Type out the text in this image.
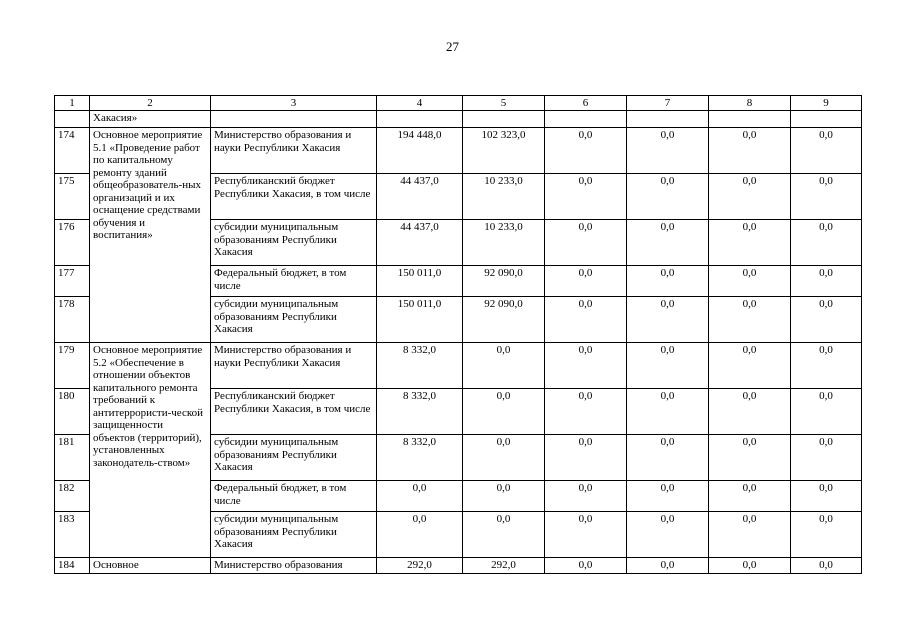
27
1	2	3	4	5	6	7	8	9
	Хакасия»							
174	Основное мероприятие 5.1 «Проведение работ по капитальному ремонту зданий общеобразователь-ных организаций и их оснащение средствами обучения и воспитания»	Министерство образования и науки Республики Хакасия	194 448,0	102 323,0	0,0	0,0	0,0	0,0
175		Республиканский бюджет Республики Хакасия, в том числе	44 437,0	10 233,0	0,0	0,0	0,0	0,0
176		субсидии муниципальным образованиям Республики Хакасия	44 437,0	10 233,0	0,0	0,0	0,0	0,0
177		Федеральный бюджет, в том числе	150 011,0	92 090,0	0,0	0,0	0,0	0,0
178		субсидии муниципальным образованиям Республики Хакасия	150 011,0	92 090,0	0,0	0,0	0,0	0,0
179	Основное мероприятие 5.2 «Обеспечение в отношении объектов капитального ремонта требований к антитеррористи-ческой защищенности объектов (территорий), установленных законодатель-ством»	Министерство образования и науки Республики Хакасия	8 332,0	0,0	0,0	0,0	0,0	0,0
180		Республиканский бюджет Республики Хакасия, в том числе	8 332,0	0,0	0,0	0,0	0,0	0,0
181		субсидии муниципальным образованиям Республики Хакасия	8 332,0	0,0	0,0	0,0	0,0	0,0
182		Федеральный бюджет, в том числе	0,0	0,0	0,0	0,0	0,0	0,0
183		субсидии муниципальным образованиям Республики Хакасия	0,0	0,0	0,0	0,0	0,0	0,0
184	Основное	Министерство образования	292,0	292,0	0,0	0,0	0,0	0,0
